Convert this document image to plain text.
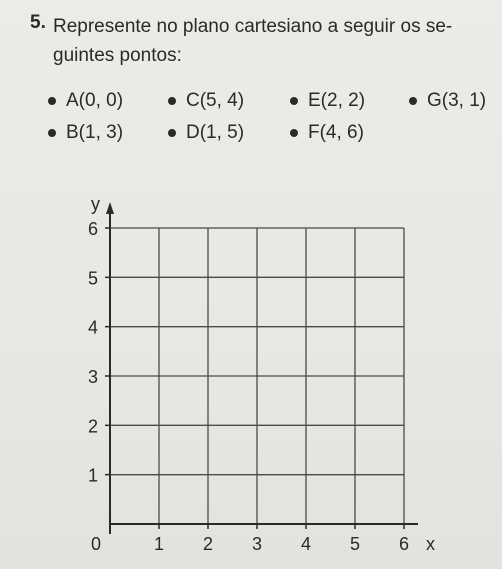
5. Represente no plano cartesiano a seguir os se- guintes pontos:
A(0, 0)	C(5, 4)	E(2, 2)	G(3, 1)
B(1, 3)	D(1, 5)	F(4, 6)
0	1 2 3 4 5 6
1
2
3
4
5
6
x
y
